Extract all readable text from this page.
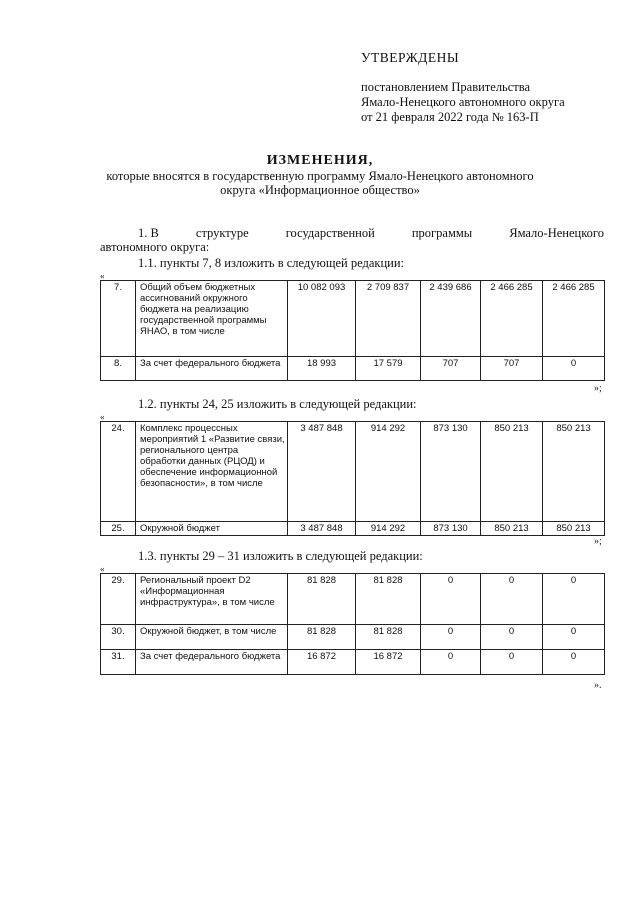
УТВЕРЖДЕНЫ
постановлением Правительства
Ямало-Ненецкого автономного округа
от 21 февраля 2022 года № 163-П
ИЗМЕНЕНИЯ,
которые вносятся в государственную программу Ямало-Ненецкого автономного округа «Информационное общество»
1. В	структуре	государственной	программы	Ямало-Ненецкого
автономного округа:
1.1. пункты 7, 8 изложить в следующей редакции:
«
7.	Общий объем бюджетных ассигнований окружного бюджета на реализацию государственной программы ЯНАО, в том числе	10 082 093	2 709 837	2 439 686	2 466 285	2 466 285
8.	За счет федерального бюджета	18 993	17 579	707	707	0
»;
1.2. пункты 24, 25 изложить в следующей редакции:
«
24.	Комплекс процессных мероприятий 1 «Развитие связи, регионального центра обработки данных (РЦОД) и обеспечение информационной безопасности», в том числе	3 487 848	914 292	873 130	850 213	850 213
25.	Окружной бюджет	3 487 848	914 292	873 130	850 213	850 213
»;
1.3. пункты 29 – 31 изложить в следующей редакции:
«
29.	Региональный проект D2 «Информационная инфраструктура», в том числе	81 828	81 828	0	0	0
30.	Окружной бюджет, в том числе	81 828	81 828	0	0	0
31.	За счет федерального бюджета	16 872	16 872	0	0	0
».
